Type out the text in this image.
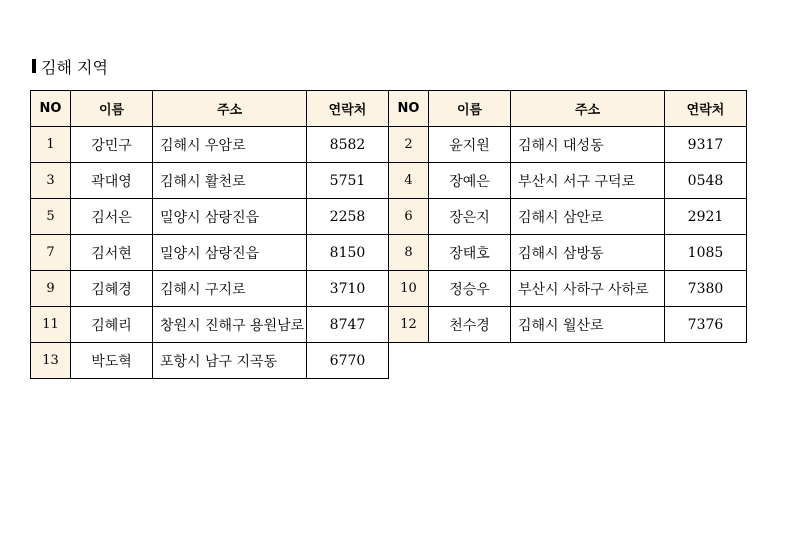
김해 지역
NO	이름	주소	연락처	NO	이름	주소	연락처
1	강민구	김해시 우암로	8582	2	윤지원	김해시 대성동	9317
3	곽대영	김해시 활천로	5751	4	장예은	부산시 서구 구덕로	0548
5	김서은	밀양시 삼랑진읍	2258	6	장은지	김해시 삼안로	2921
7	김서현	밀양시 삼랑진읍	8150	8	장태호	김해시 삼방동	1085
9	김혜경	김해시 구지로	3710	10	정승우	부산시 사하구 사하로	7380
11	김혜리	창원시 진해구 용원남로	8747	12	천수경	김해시 월산로	7376
13	박도혁	포항시 남구 지곡동	6770				
